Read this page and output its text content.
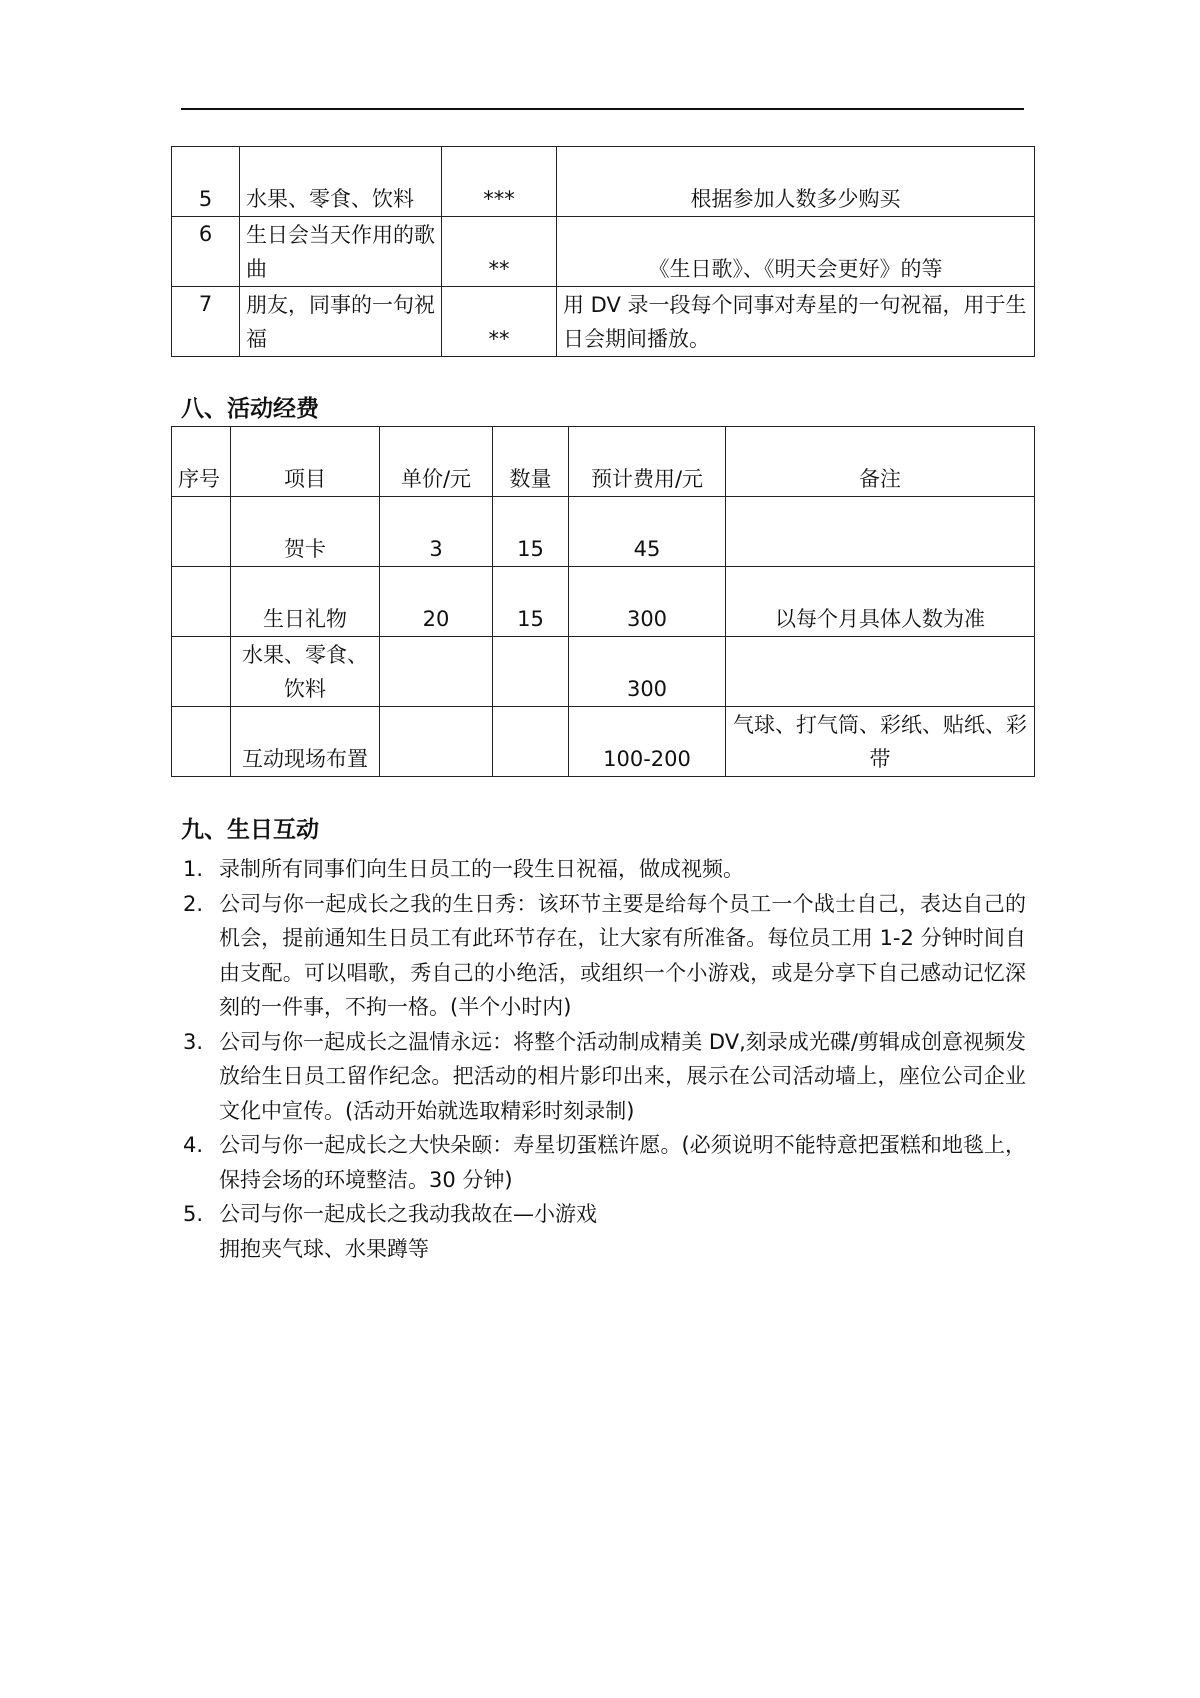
5	水果、零食、饮料	***	根据参加人数多少购买
6	生日会当天作用的歌曲	**	《生日歌》、《明天会更好》的等
7	朋友，同事的一句祝福	**	用 DV 录一段每个同事对寿星的一句祝福，用于生日会期间播放。
八、活动经费
序号	项目	单价/元	数量	预计费用/元	备注
	贺卡	3	15	45	
	生日礼物	20	15	300	以每个月具体人数为准
	水果、零食、饮料			300	
	互动现场布置			100-200	气球、打气筒、彩纸、贴纸、彩带
九、生日互动
1. 录制所有同事们向生日员工的一段生日祝福，做成视频。
2. 公司与你一起成长之我的生日秀：该环节主要是给每个员工一个战士自己，表达自己的机会，提前通知生日员工有此环节存在，让大家有所准备。每位员工用 1-2 分钟时间自由支配。可以唱歌，秀自己的小绝活，或组织一个小游戏，或是分享下自己感动记忆深刻的一件事，不拘一格。(半个小时内)
3. 公司与你一起成长之温情永远：将整个活动制成精美 DV,刻录成光碟/剪辑成创意视频发放给生日员工留作纪念。把活动的相片影印出来，展示在公司活动墙上，座位公司企业文化中宣传。(活动开始就选取精彩时刻录制)
4. 公司与你一起成长之大快朵颐：寿星切蛋糕许愿。(必须说明不能特意把蛋糕和地毯上，保持会场的环境整洁。30 分钟)
5. 公司与你一起成长之我动我故在—小游戏
拥抱夹气球、水果蹲等
